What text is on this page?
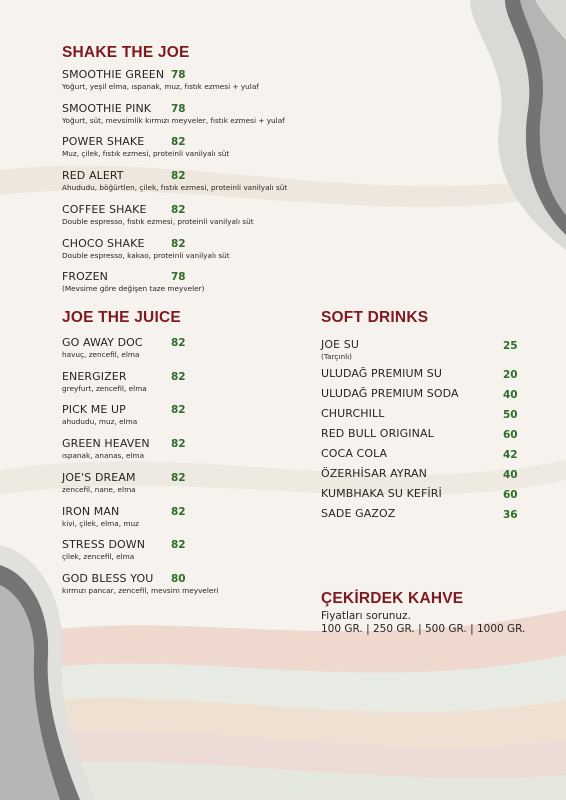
SHAKE THE JOE
SMOOTHIE GREEN
Yoğurt, yeşil elma, ıspanak, muz, fıstık ezmesi + yulaf
78
SMOOTHIE PINK
Yoğurt, süt, mevsimlik kırmızı meyveler, fıstık ezmesi + yulaf
78
POWER SHAKE
Muz, çilek, fıstık ezmesi, proteinli vanilyalı süt
82
RED ALERT
Ahududu, böğürtlen, çilek, fıstık ezmesi, proteinli vanilyalı süt
82
COFFEE SHAKE
Double espresso, fıstık ezmesi, proteinli vanilyalı süt
82
CHOCO SHAKE
Double espresso, kakao, proteinli vanilyalı süt
82
FROZEN
(Mevsime göre değişen taze meyveler)
78
JOE THE JUICE
GO AWAY DOC
havuç, zencefil, elma
82
ENERGIZER
greyfurt, zencefil, elma
82
PICK ME UP
ahududu, muz, elma
82
GREEN HEAVEN
ıspanak, ananas, elma
82
JOE'S DREAM
zencefil, nane, elma
82
IRON MAN
kivi, çilek, elma, muz
82
STRESS DOWN
çilek, zencefil, elma
82
GOD BLESS YOU
kırmızı pancar, zencefil, mevsim meyveleri
80
SOFT DRINKS
JOE SU
(Tarçınlı)
25
ULUDAĞ PREMIUM SU	20
ULUDAĞ PREMIUM SODA	40
CHURCHILL	50
RED BULL ORIGINAL	60
COCA COLA	42
ÖZERHİSAR AYRAN	40
KUMBHAKA SU KEFİRİ	60
SADE GAZOZ	36
ÇEKİRDEK KAHVE
Fiyatları sorunuz.
100 GR. | 250 GR. | 500 GR. | 1000 GR.
